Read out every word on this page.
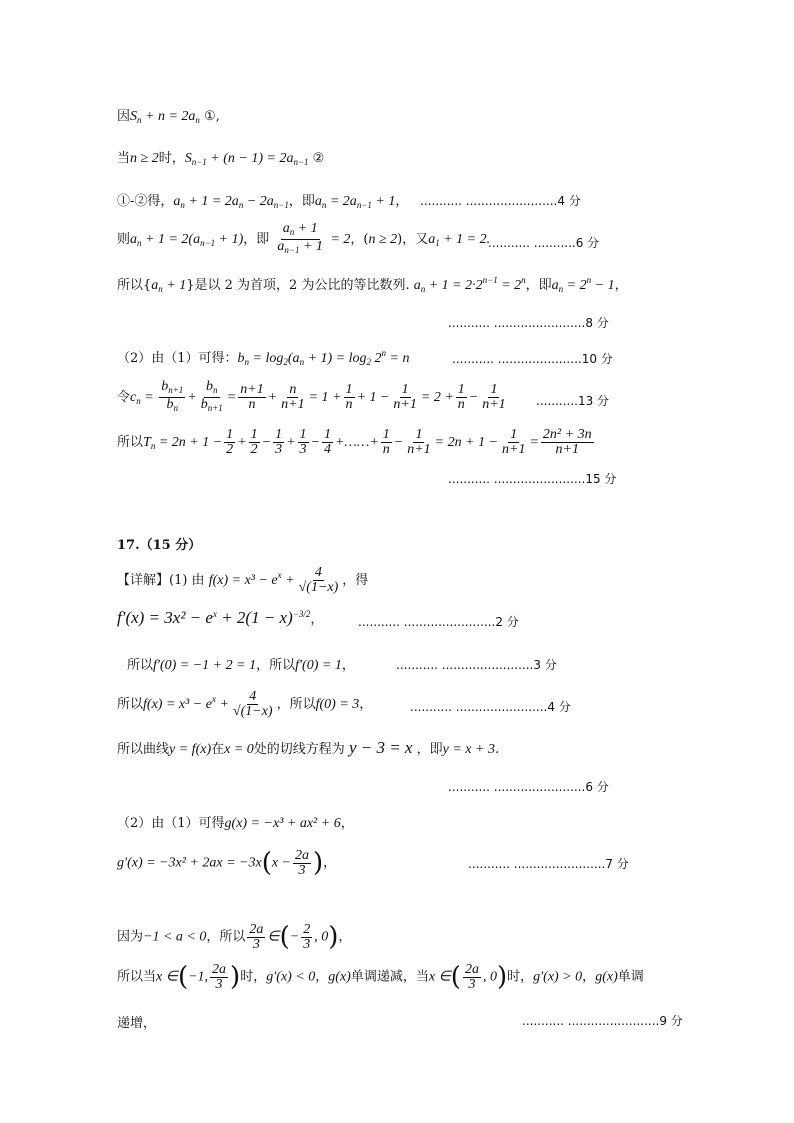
因$S_n + n = 2a_n$ ①,
当n ≥ 2时，$S_{n-1} + (n - 1) = 2a_{n-1}$ ②
①-②得，$a_n + 1 = 2a_n - 2a_{n-1}$，即$a_n = 2a_{n-1} + 1$， ........... ........................4 分
则$a_n + 1 = 2(a_{n-1} + 1)$，即 $\frac{a_n + 1}{a_{n-1} + 1} = 2$，(n ≥ 2)，又$a_1 + 1 = 2$.
........... ...........6 分
所以$\{a_n + 1\}$是以 2 为首项，2 为公比的等比数列. $a_n + 1 = 2\cdot 2^{n-1} = 2^n$，即$a_n = 2^n - 1$，
........... ........................8 分
（2）由（1）可得：$b_n = \log_2(a_n + 1) = \log_2 2^n = n$	........... ......................10 分
令$c_n = \frac{b_{n+1}}{b_n} + \frac{b_n}{b_{n+1}} = \frac{n+1}{n} + \frac{n}{n+1} = 1 + \frac{1}{n} + 1 - \frac{1}{n+1} = 2 + \frac{1}{n} - \frac{1}{n+1} ...........13$ 分
所以$T_n = 2n + 1 - \frac{1}{2} + \frac{1}{2} - \frac{1}{3} + \frac{1}{3} - \frac{1}{4}$ +……+ $\frac{1}{n} - \frac{1}{n+1} = 2n + 1 - \frac{1}{n+1} = \frac{\text{2n² + 3n}}{n+1}$
........... ........................15 分
17.（15 分）
【详解】(1) 由 $f(x) = x^3 - e^x + \frac{4}{√(1-x)}$ ，得
$f'(x) = 3x^2 - e^x + 2(1 - x)^{-3/2}$，	........... ........................2 分
所以f′(0) = −1 + 2 = 1，所以f′(0) = 1，	........... ........................3 分
所以$f(x) = x^3 - e^x + \frac{4}{√(1-x)}$ ，所以f(0) = 3，	........... ........................4 分
所以曲线y = f(x)在x = 0处的切线方程为 y − 3 = x ，即y = x + 3.
........... ........................6 分
（2）由（1）可得g(x) = −x³ + ax² + 6，
$g'(x) = -3x^2 + 2ax = -3x(x - \frac{2a}{3}$ )，	........... ........................7 分
因为−1 < a < 0，所以 $\frac{2a}{3}$ ∈(− $\frac{2}{3}$ , 0)，
所以当x ∈(−1, $\frac{2a}{3}$ )时，g′(x) < 0，g(x)单调递减，当x ∈( $\frac{2a}{3}$ , 0)时，g′(x) > 0，g(x)单调
递增，	........... ........................9 分
